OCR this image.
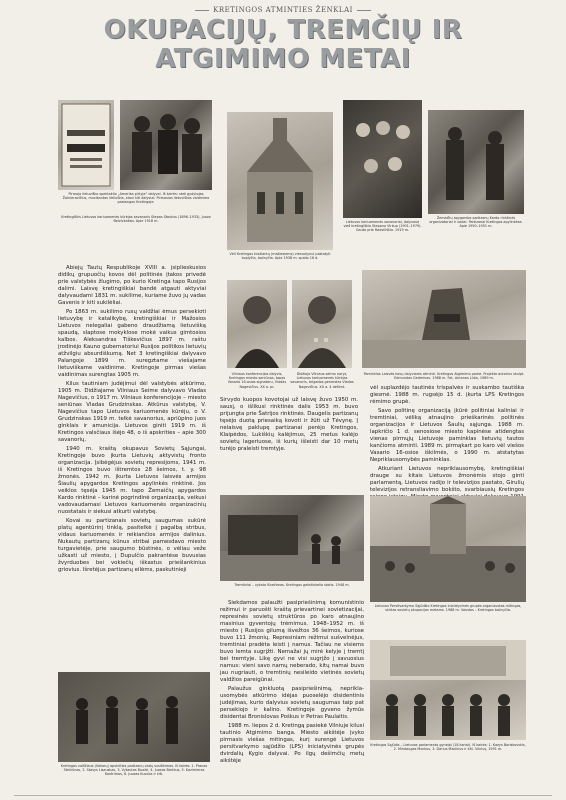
KRETINGOS ATMINTIES ŽENKLAI
OKUPACIJŲ, TREMČIŲ IR
ATGIMIMO METAI
Pirmojo lietuviško spektaklio „Amerika pirtyje“ dalyvai. Iš kairės: sėdi gydytojas Žalnieravičius, muzikantas Veliuškis, stovi kiti dalyviai. Pirmosios lietuviškos vaidinimo pastangos Kretingoje.
Kretingiškis Lietuvos kariuomenės kūrėjas savanoris Stepas Stoskus (1896–1933), Juozo Belvickaitas. Apie 1918 m.
Vėli Kretingos kražiantų (mažiesiems) vienuolynui pastatyti koplyčia, bažnyčia. Apie 1938 m. spalio 16 d.
Lietuvos kariuomenės savanoriai, dalyvavę vieš kretingiškio Stepono Virkuo (1901–1979). Gauta prie Radviliškio. 1919 m.
Žemaičių apygardos partizanų Kardo rinktinės organizatoriai ir vadai. Partizanai Kretingos apylinkėse. Apie 1950–1951 m.

Abiejų Tautų Respublikoje XVIII a. įsiplieskusios didikų grupuočių kovos dėl politinės įtakos privedė prie valstybės žlugimo, po kurio Kretinga tapo Rusijos dalimi. Laisvę kretingiškiai bandė atgauti aktyviai dalyvaudami 1831 m. sukilime, kuriame žuvo jų vadas Gavenis ir kiti sukilėliai.

Po 1863 m. sukilimo rusų valdžiai ėmus persekioti lietuvybę ir katalikybę, kretingiškiai ir Mažosios Lietuvos nelegaliai gabeno draudžiamą lietuvišką spaudą, slaptose mokyklose mokė vaikus gimtosios kalbos. Aleksandras Tiškevičius 1897 m. raštu įrodinėjo Kauno gubernatoriui Rusijos politikos lietuvių atžvilgiu absurdiškumą. Net 3 kretingiškiai dalyvavo Palangoje 1899 m. suregztame viešajame lietuviškame vaidinime. Kretingoje pirmas viešas vaidinimas surengtas 1905 m.

Kilus tautiniam judėjimui dėl valstybės atkūrimo, 1905 m. Didžiajame Vilniaus Seime dalyvavo Vladas Nagevičius, o 1917 m. Vilniaus konferencijoje – miesto seniūnas Vladas Grudzinskas. Atkūrus valstybę, V. Nagevičius tapo Lietuvos kariuomenės kūrėju, o V. Grudzinskas 1919 m. telkė savanorius, apriūpino juos ginklais ir amunicija. Lietuvos giniti 1919 m. iš Kretingos valsčiaus išėjo 48, o iš apskrities – apie 300 savanorių.

1940 m. kraštą okupavus Sovietų Sąjungai, Kretingoje buvo įkurta Lietuvių aktyvistų fronto organizacija. Įsibėgėjus sovietų represijoms, 1941 m. iš Kretingos buvo ištremtos 28 šeimos, t. y. 98 žmonės. 1942 m. įkurta Lietuvos laisvės armijos Šiaulių apygardos Kretingos apylinkės rinktinė. Jos veiklos tęsėja 1945 m. tapo Žemaičių apygardos Kardo rinktinė – karinė pogrindinė organizacija, veikusi vadovaudamasi Lietuvos kariuomenės organizacinių nuostatais ir siekusi atkurti valstybę.

Kovai su partizanais sovietų saugumas sukūrė platų agentūrinį tinklą, pasitelkė į pagalbą stribus, vidaus kariuomenės ir reikiančios armijos dalinius. Nukautų partizanų kūnus stribai pamesdavo miesto turgavietėje, prie saugumo būstinės, o vėliau veže užkasti už miesto, į Dupulčio pakrantėse buvusias žvyrduobes bei vokiečių iškastus priešlankinius griovius. Išretėjus partizanų eilėms, paskutinieji

Vilniaus konferencijos dalyvis, Kretingos miesto seniūnas, tapęs Vasario 16-osios signataru, Vladas Nagevičius. XX a. pr.
Didžiojo Vilniaus seimo narys, Lietuvos kariuomenės kūrėjas savanoris, brigados generolas Vladas Nagevičius. XX a. 4 dešimt.
Paminklas Laisvės kovų dalyviams atminti. Kretingos Atgimimo parke. Projekto autorius skulpt. Edmundas Gedminas. 1988 m. Fot. Antanas Lūža, 1989 m.
Sirvydo kuopos kovotojai už laisvę žuvo 1950 m. sausį, o išlikusi rinktinės dalis 1953 m. buvo prijungta prie Šatrijos rinktinės. Daugelis partizanų tęsėjo duotą priesaiką kovoti ir žūti už Tėvynę. Į nelaisvę paklupę partizanai perėjo Kretingos, Klaipėdos, Lukiškių kalėjimus, 25 metus kalėjo sovietų lageriuose, iš kurių išleisti dar 10 metų turėjo praleisti tremtyje.

vėl suplazdėjo tautinės trispalvės ir suskambo tautiška giesmė. 1988 m. rugsėjo 15 d. įkurta LPS Kretingos rėmimo grupė.

Savo politinę organizaciją įkūrė politiniai kaliniai ir tremtiniai, vėliką atnaujino prieškarinės politinės organizacijos ir Lietuvos Šaulių sąjunga. 1988 m. lapkričio 1 d. senosiose miesto kapinėse atidengtas vienas pirmųjų Lietuvoje paminklas lietuvių tautos kančioms atminti. 1989 m. pirmąkart po karo vėl viešos Vasario 16-osios iškilmės, o 1990 m. atstatytas Nepriklausomybės paminklas.

Atkuriant Lietuvos nepriklausomybę, kretingiškiai drauge su kitais Lietuvos žmonėmis stojo ginti parlamentą, Lietuvos radijo ir televizijos pastato, Girulių televizijos retransliavimo bokšto, svarbiausių Kretingos

Tremtiniai – vyksta išvežimas. Kretingos geležinkelio stotis. 1948 m.
Lietuvos Persitvarkymo Sąjūdžio Kretingos iniciatyvinės grupės organizuotas mitingas, skirtas sovietų okupacijos metams. 1988 m. Vaizdas – Kretingos bažnyčia.

Siekdamos palaužti pasipriešinimą komunistinio režimui ir paruošti kraštą prievartinei sovietizacijai, represinės sovietų struktūros po karo atnaujino masinius gyventojų trėmimus. 1948–1952 m. iš miesto į Rusijos gilumą išvežtos 36 šeimos, kuriose buvo 111 žmonių. Represiniam režimui sušvelnėjus, tremtiniai pradėta leisti į namus. Tačiau ne visiems buvo lemta sugrįžti. Nemažai jų mirė kelyje į tremtį bei tremtyje. Likę gyvi ne visi sugrįžo į savuosius namus: vieni savo namų neberado, kitų namai buvo jau nugriauti, o tremtinių nesileido vietinės sovietų valdžios pareigūnai.

Palaužus ginkluotą pasipriešinimą, nepriklausomybės atkūrimo idėjas puoselėjo disidentinis judėjimas, kurio dalyvius sovietų saugumas taip pat persekiojo ir kalino. Kretingoje gyveno žymūs disidentai Bronislovas Poškus ir Petras Paulaitis.

1988 m. liepos 2 d. Kretingą pasiekė Vilniuje kilusi tautinio Atgimimo banga. Miesto aikštėje įvyko pirmasis viešas mitingas, kurį surengė Lietuvos persitvarkymo sąjūdžio (LPS) iniciatyvinės grupės dvirdalių Kygio dalyvai. Po ilgų dešimčių metų aikštėje

Kretingos valščiaus (Vakarų) apskrities partizanų vadų susitikimas. Iš kairės: 1. Pranas Steikūnas, 2. Stasys Lisauskas, 3. Vytautas Buožė, 4. Juozas Bartkus, 5. Kazimieras Kontrimas, 6. Juozas Kuocka ir kiti.
Kretingos Sąjūdis – Lietuvos parlamento gynėjai (18 kariai). Iš kairės: 1. Kazys Boriskovskis, 2. Mindaugas Mockus, 3. Darius Macikius ir kiti. Vilnius, 1991 m.
